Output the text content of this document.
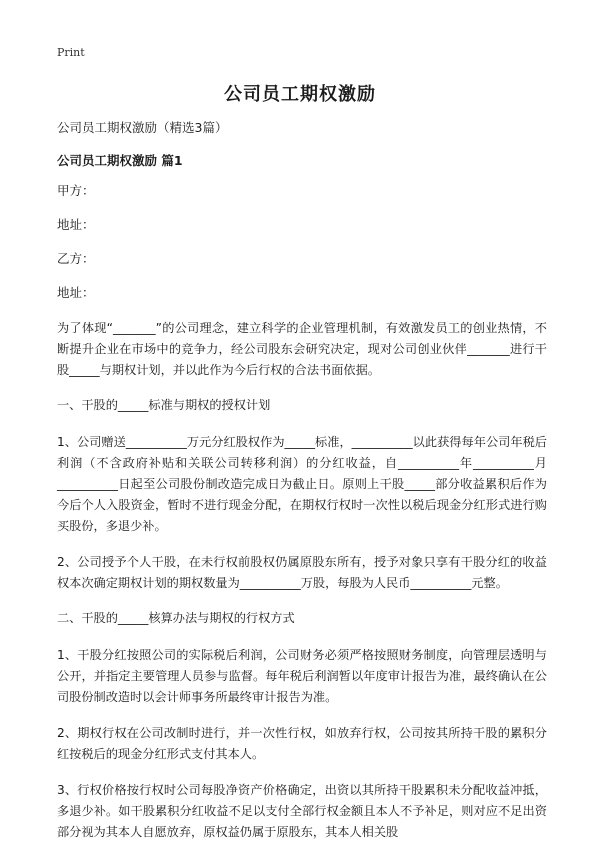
Print
公司员工期权激励

公司员工期权激励（精选3篇）

公司员工期权激励 篇1

甲方：

地址：

乙方：

地址：

为了体现“_______”的公司理念，建立科学的企业管理机制，有效激发员工的创业热情，不断提升企业在市场中的竞争力，经公司股东会研究决定，现对公司创业伙伴_______进行干股_____与期权计划，并以此作为今后行权的合法书面依据。

一、干股的_____标准与期权的授权计划

1、公司赠送__________万元分红股权作为_____标准，__________以此获得每年公司年税后利润（不含政府补贴和关联公司转移利润）的分红收益，自__________年__________月__________日起至公司股份制改造完成日为截止日。原则上干股_____部分收益累积后作为今后个人入股资金，暂时不进行现金分配，在期权行权时一次性以税后现金分红形式进行购买股份，多退少补。

2、公司授予个人干股，在未行权前股权仍属原股东所有，授予对象只享有干股分红的收益权本次确定期权计划的期权数量为__________万股，每股为人民币__________元整。

二、干股的_____核算办法与期权的行权方式

1、干股分红按照公司的实际税后利润，公司财务必须严格按照财务制度，向管理层透明与公开，并指定主要管理人员参与监督。每年税后利润暂以年度审计报告为准，最终确认在公司股份制改造时以会计师事务所最终审计报告为准。

2、期权行权在公司改制时进行，并一次性行权，如放弃行权，公司按其所持干股的累积分红按税后的现金分红形式支付其本人。

3、行权价格按行权时公司每股净资产价格确定，出资以其所持干股累积未分配收益冲抵，多退少补。如干股累积分红收益不足以支付全部行权金额且本人不予补足，则对应不足出资部分视为其本人自愿放弃，原权益仍属于原股东，其本人相关股
